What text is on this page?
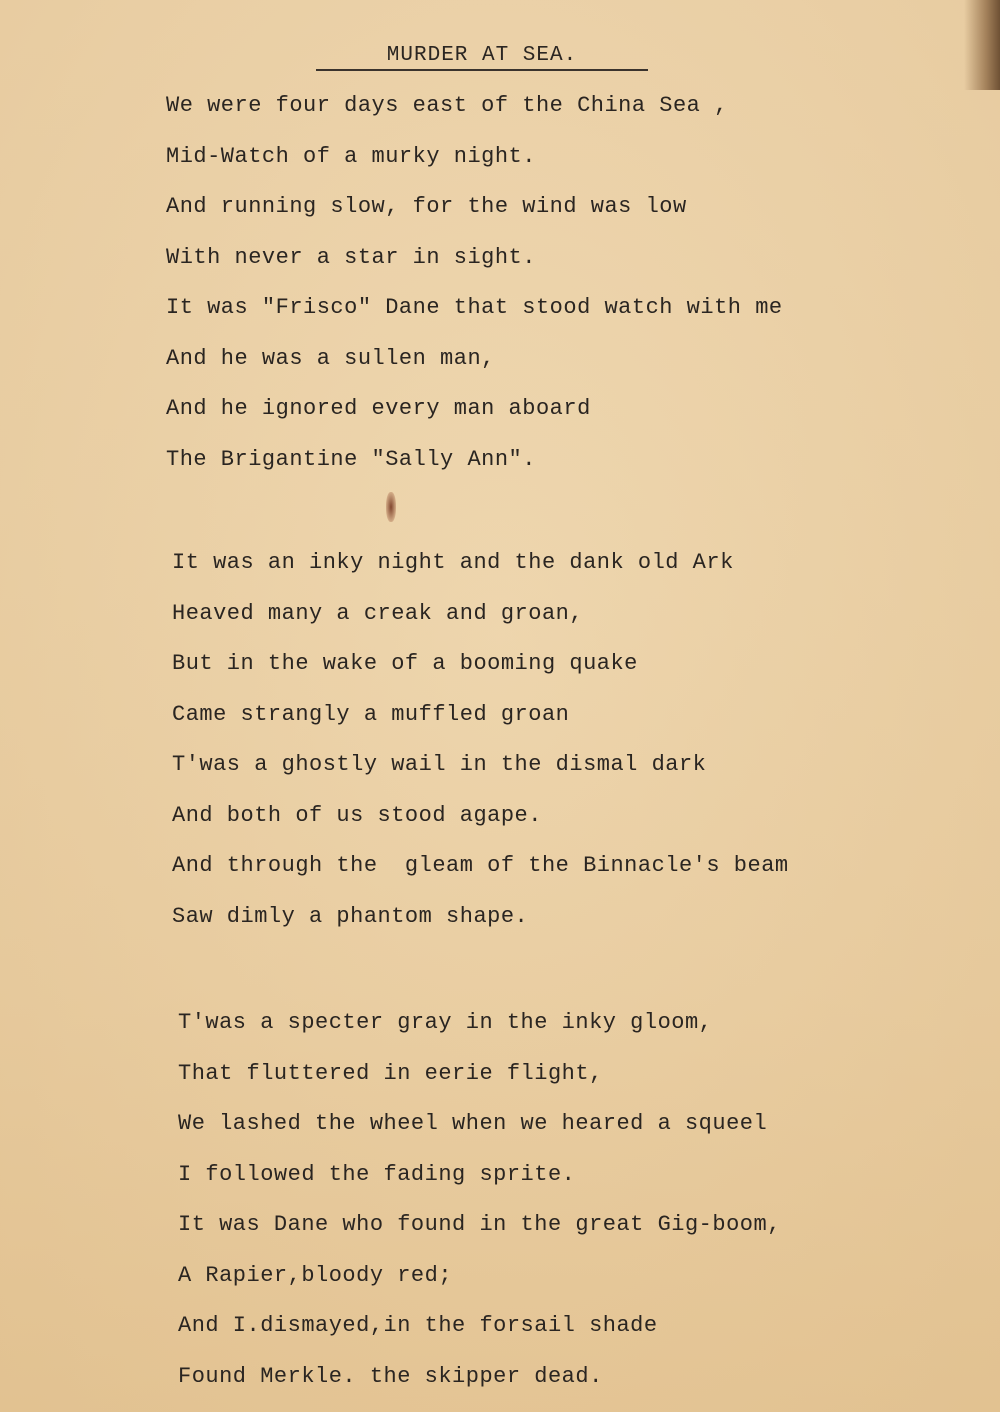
MURDER AT SEA.
We were four days east of the China Sea ,
Mid-Watch of a murky night.
And running slow, for the wind was low
With never a star in sight.
It was "Frisco" Dane that stood watch with me
And he was a sullen man,
And he ignored every man aboard
The Brigantine "Sally Ann".
It was an inky night and the dank old Ark
Heaved many a creak and groan,
But in the wake of a booming quake
Came strangly a muffled groan
T'was a ghostly wail in the dismal dark
And both of us stood agape.
And through the  gleam of the Binnacle's beam
Saw dimly a phantom shape.
T'was a specter gray in the inky gloom,
That fluttered in eerie flight,
We lashed the wheel when we heared a squeel
I followed the fading sprite.
It was Dane who found in the great Gig-boom,
A Rapier,bloody red;
And I.dismayed,in the forsail shade
Found Merkle. the skipper dead.
